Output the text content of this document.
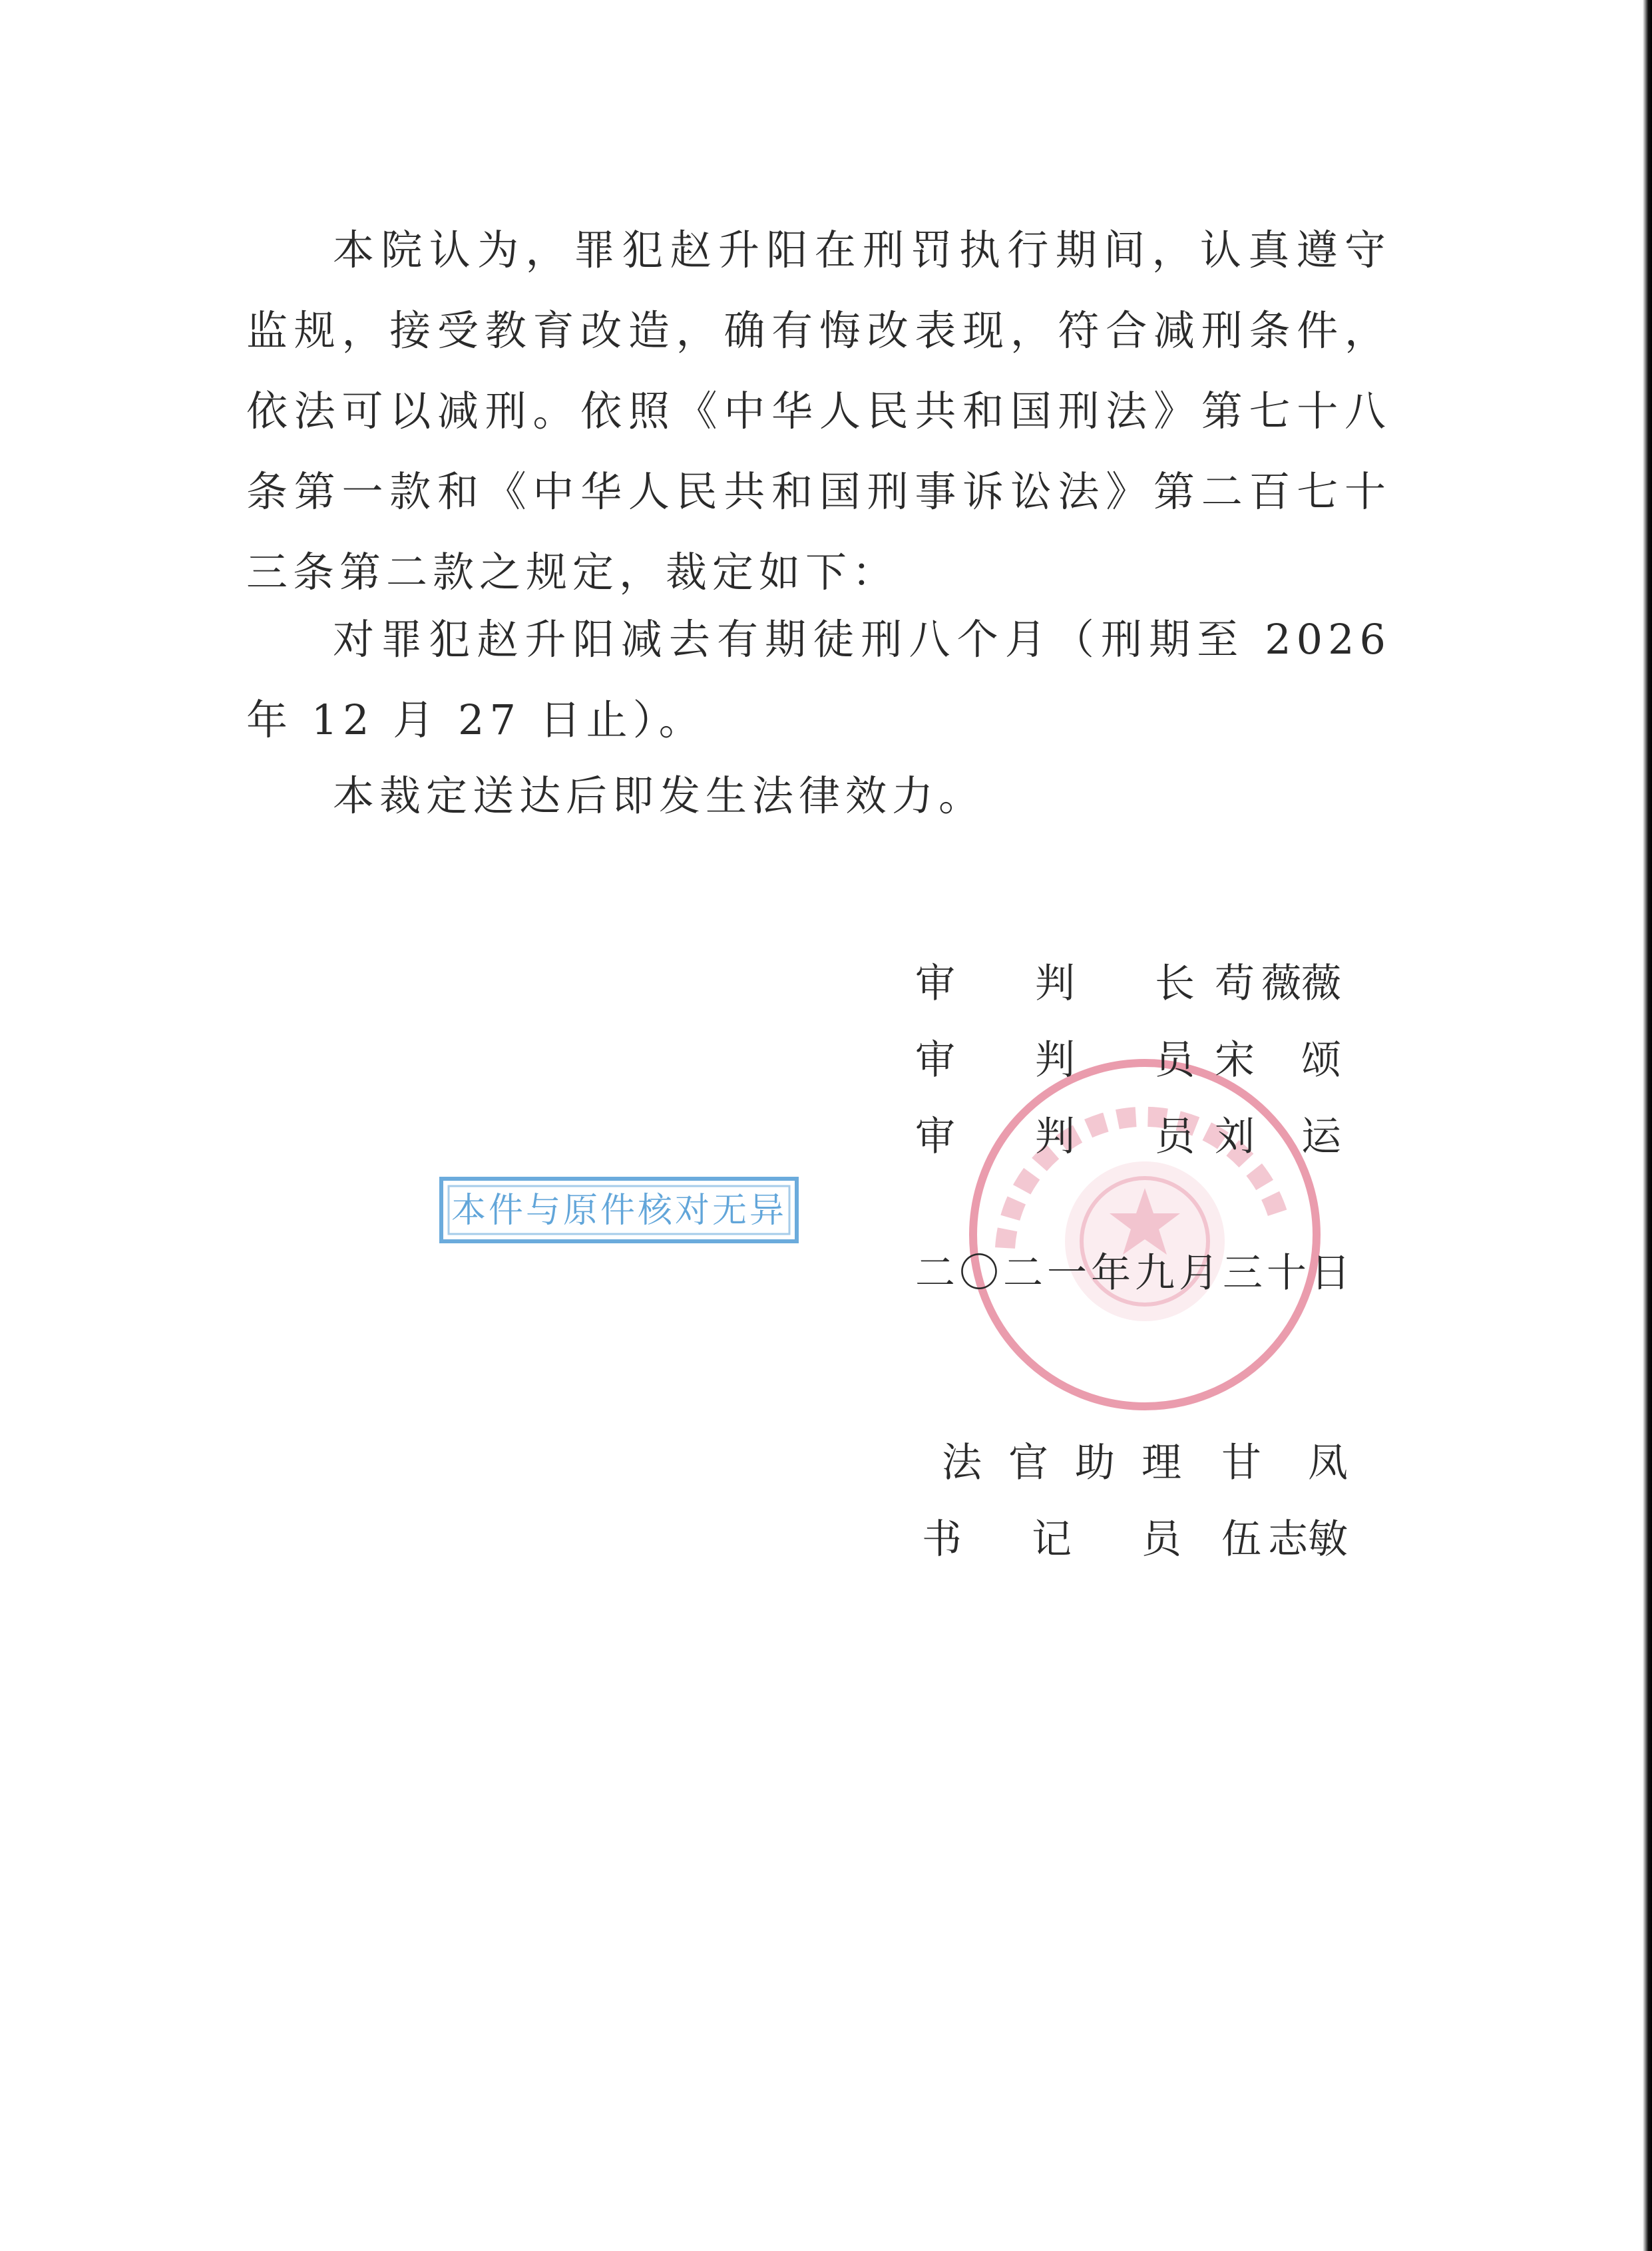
本院认为，罪犯赵升阳在刑罚执行期间，认真遵守监规，接受教育改造，确有悔改表现，符合减刑条件，依法可以减刑。依照《中华人民共和国刑法》第七十八条第一款和《中华人民共和国刑事诉讼法》第二百七十三条第二款之规定，裁定如下：

对罪犯赵升阳减去有期徒刑八个月（刑期至 2026 年 12 月 27 日止）。

本裁定送达后即发生法律效力。

本件与原件核对无异
审 判 长 苟 薇薇
审 判 员 宋 颂
审 判 员 刘 运
二〇二一年九月三十日
法 官 助 理 甘 凤
书 记 员 伍 志敏
